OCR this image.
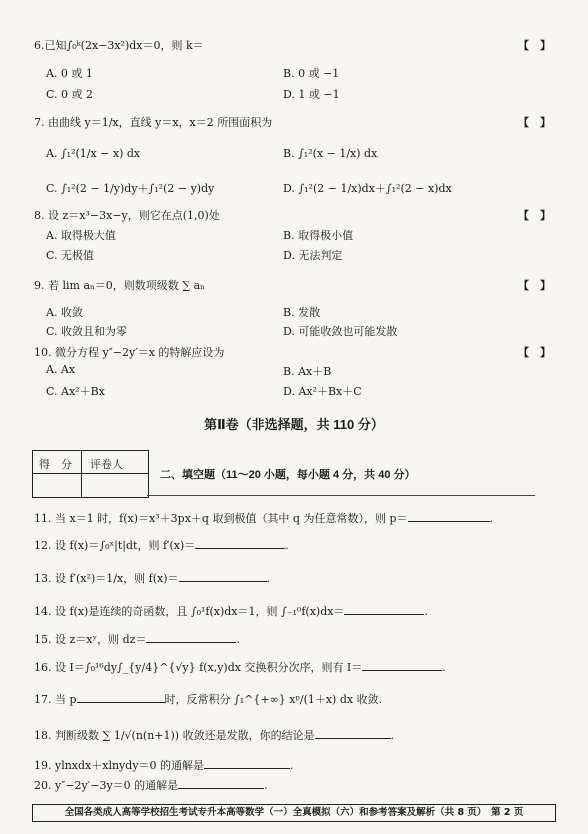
6.已知∫₀ᵏ(2x−3x²)dx＝0，则 k＝	【 】
A. 0 或 1	B. 0 或 −1
C. 0 或 2	D. 1 或 −1
7. 由曲线 y＝1/x，直线 y＝x，x＝2 所围面积为	【 】
A. ∫₁²(1/x − x) dx	B. ∫₁²(x − 1/x) dx
C. ∫₁²(2 − 1/y)dy＋∫₁²(2 − y)dy	D. ∫₁²(2 − 1/x)dx＋∫₁²(2 − x)dx
8. 设 z＝x³−3x−y，则它在点(1,0)处	【 】
A. 取得极大值	B. 取得极小值
C. 无极值	D. 无法判定
9. 若 lim aₙ＝0，则数项级数 ∑ aₙ	【 】
A. 收敛	B. 发散
C. 收敛且和为零	D. 可能收敛也可能发散
10. 微分方程 y″−2y′＝x 的特解应设为	【 】
A. Ax	B. Ax＋B
C. Ax²＋Bx	D. Ax²＋Bx＋C
第Ⅱ卷（非选择题，共 110 分）
得　分 评卷人
二、填空题（11～20 小题，每小题 4 分，共 40 分）
11. 当 x＝1 时，f(x)＝x³＋3px＋q 取到极值（其中 q 为任意常数），则 p＝	.
12. 设 f(x)＝∫₀ˣ|t|dt，则 f′(x)＝	.
13. 设 f′(x²)＝1/x，则 f(x)＝	.
14. 设 f(x)是连续的奇函数，且 ∫₀¹f(x)dx＝1，则 ∫₋₁⁰f(x)dx＝	.
15. 设 z＝xʸ，则 dz＝	.
16. 设 I＝∫₀¹⁶dy∫_{y/4}^{√y} f(x,y)dx 交换积分次序，则有 I＝	.
17. 当 p	时，反常积分 ∫₁^{+∞} xᵖ/(1＋x) dx 收敛.
18. 判断级数 ∑ 1/√(n(n+1)) 收敛还是发散，你的结论是	.
19. ylnxdx＋xlnydy＝0 的通解是	.
20. y″−2y′−3y＝0 的通解是	.
全国各类成人高等学校招生考试专升本高等数学（一）全真模拟（六）和参考答案及解析（共 8 页）　第 2 页
